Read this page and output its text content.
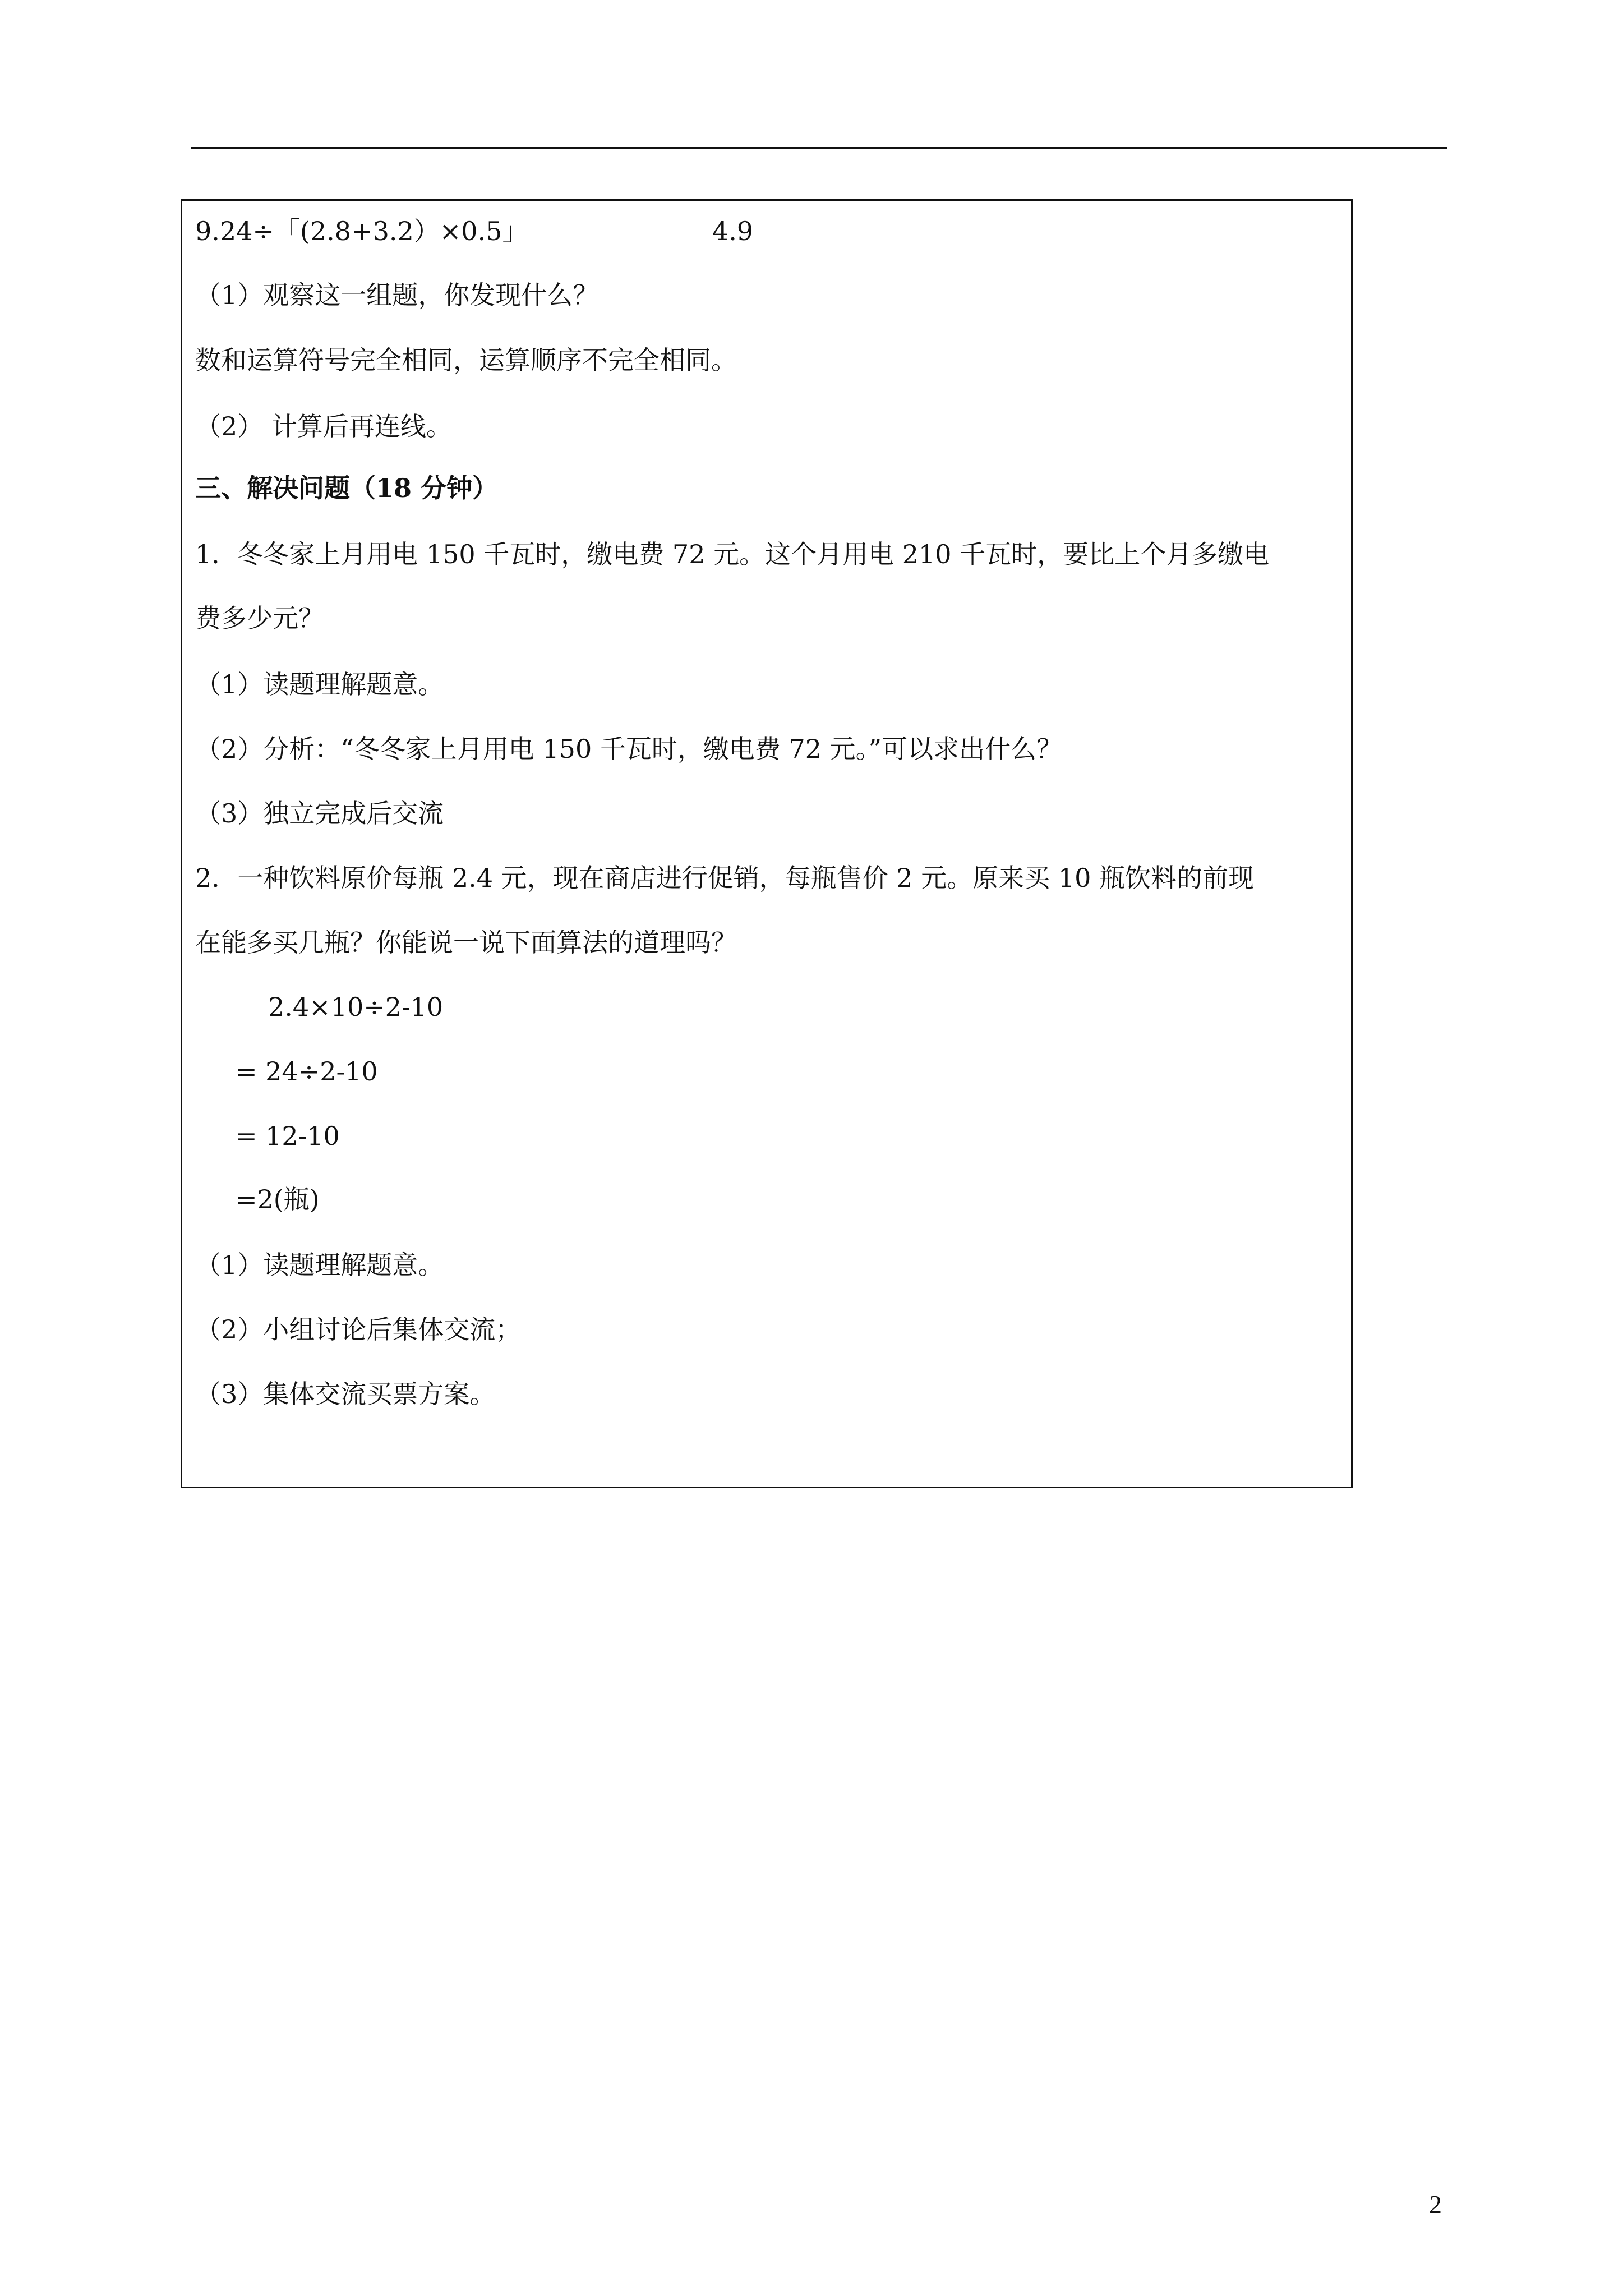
9.24÷「(2.8+3.2）×0.5」	4.9
（1）观察这一组题，你发现什么？
数和运算符号完全相同，运算顺序不完全相同。
（2） 计算后再连线。
三、解决问题（18 分钟）
1．冬冬家上月用电 150 千瓦时，缴电费 72 元。这个月用电 210 千瓦时，要比上个月多缴电
费多少元？
（1）读题理解题意。
（2）分析：“冬冬家上月用电 150 千瓦时，缴电费 72 元。”可以求出什么？
（3）独立完成后交流
2．一种饮料原价每瓶 2.4 元，现在商店进行促销，每瓶售价 2 元。原来买 10 瓶饮料的前现
在能多买几瓶？你能说一说下面算法的道理吗？
2.4×10÷2-10
= 24÷2-10
= 12-10
=2(瓶)
（1）读题理解题意。
（2）小组讨论后集体交流；
（3）集体交流买票方案。
2
